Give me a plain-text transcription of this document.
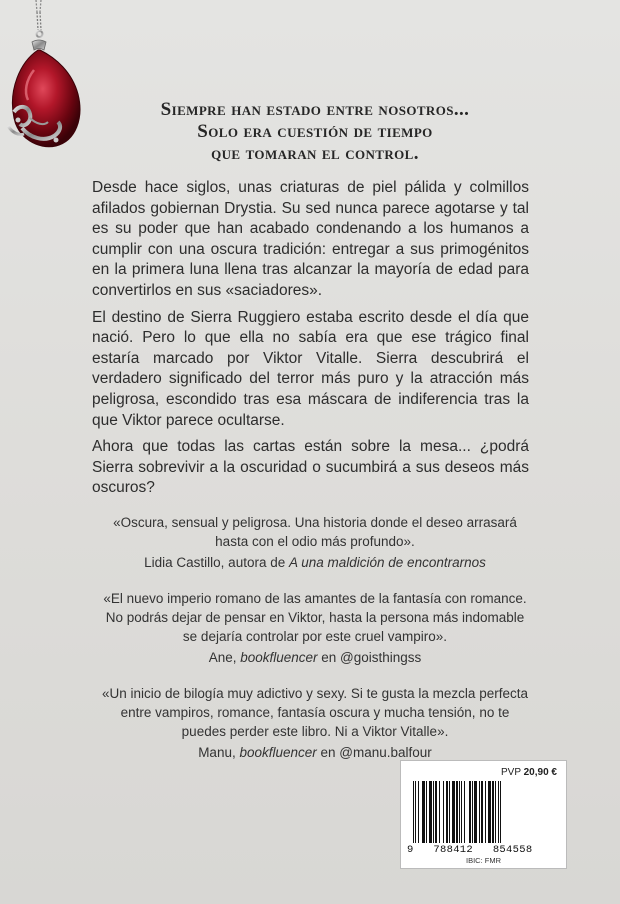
Siempre han estado entre nosotros...
Solo era cuestión de tiempo
que tomaran el control.

Desde hace siglos, unas criaturas de piel pálida y colmillos afilados gobiernan Drystia. Su sed nunca parece agotarse y tal es su poder que han acabado condenando a los humanos a cumplir con una oscura tradición: entregar a sus primogénitos en la primera luna llena tras alcanzar la mayoría de edad para convertirlos en sus «saciadores».

El destino de Sierra Ruggiero estaba escrito desde el día que nació. Pero lo que ella no sabía era que ese trágico final estaría marcado por Viktor Vitalle. Sierra descubrirá el verdadero significado del terror más puro y la atracción más peligrosa, escondido tras esa máscara de indiferencia tras la que Viktor parece ocultarse.

Ahora que todas las cartas están sobre la mesa... ¿podrá Sierra sobrevivir a la oscuridad o sucumbirá a sus deseos más oscuros?

«Oscura, sensual y peligrosa. Una historia donde el deseo arrasará hasta con el odio más profundo».
Lidia Castillo, autora de A una maldición de encontrarnos
«El nuevo imperio romano de las amantes de la fantasía con romance. No podrás dejar de pensar en Viktor, hasta la persona más indomable se dejaría controlar por este cruel vampiro».
Ane, bookfluencer en @goisthingss
«Un inicio de bilogía muy adictivo y sexy. Si te gusta la mezcla perfecta entre vampiros, romance, fantasía oscura y mucha tensión, no te puedes perder este libro. Ni a Viktor Vitalle».
Manu, bookfluencer en @manu.balfour
PVP 20,90 €
9   788412   854558
IBIC: FMR
